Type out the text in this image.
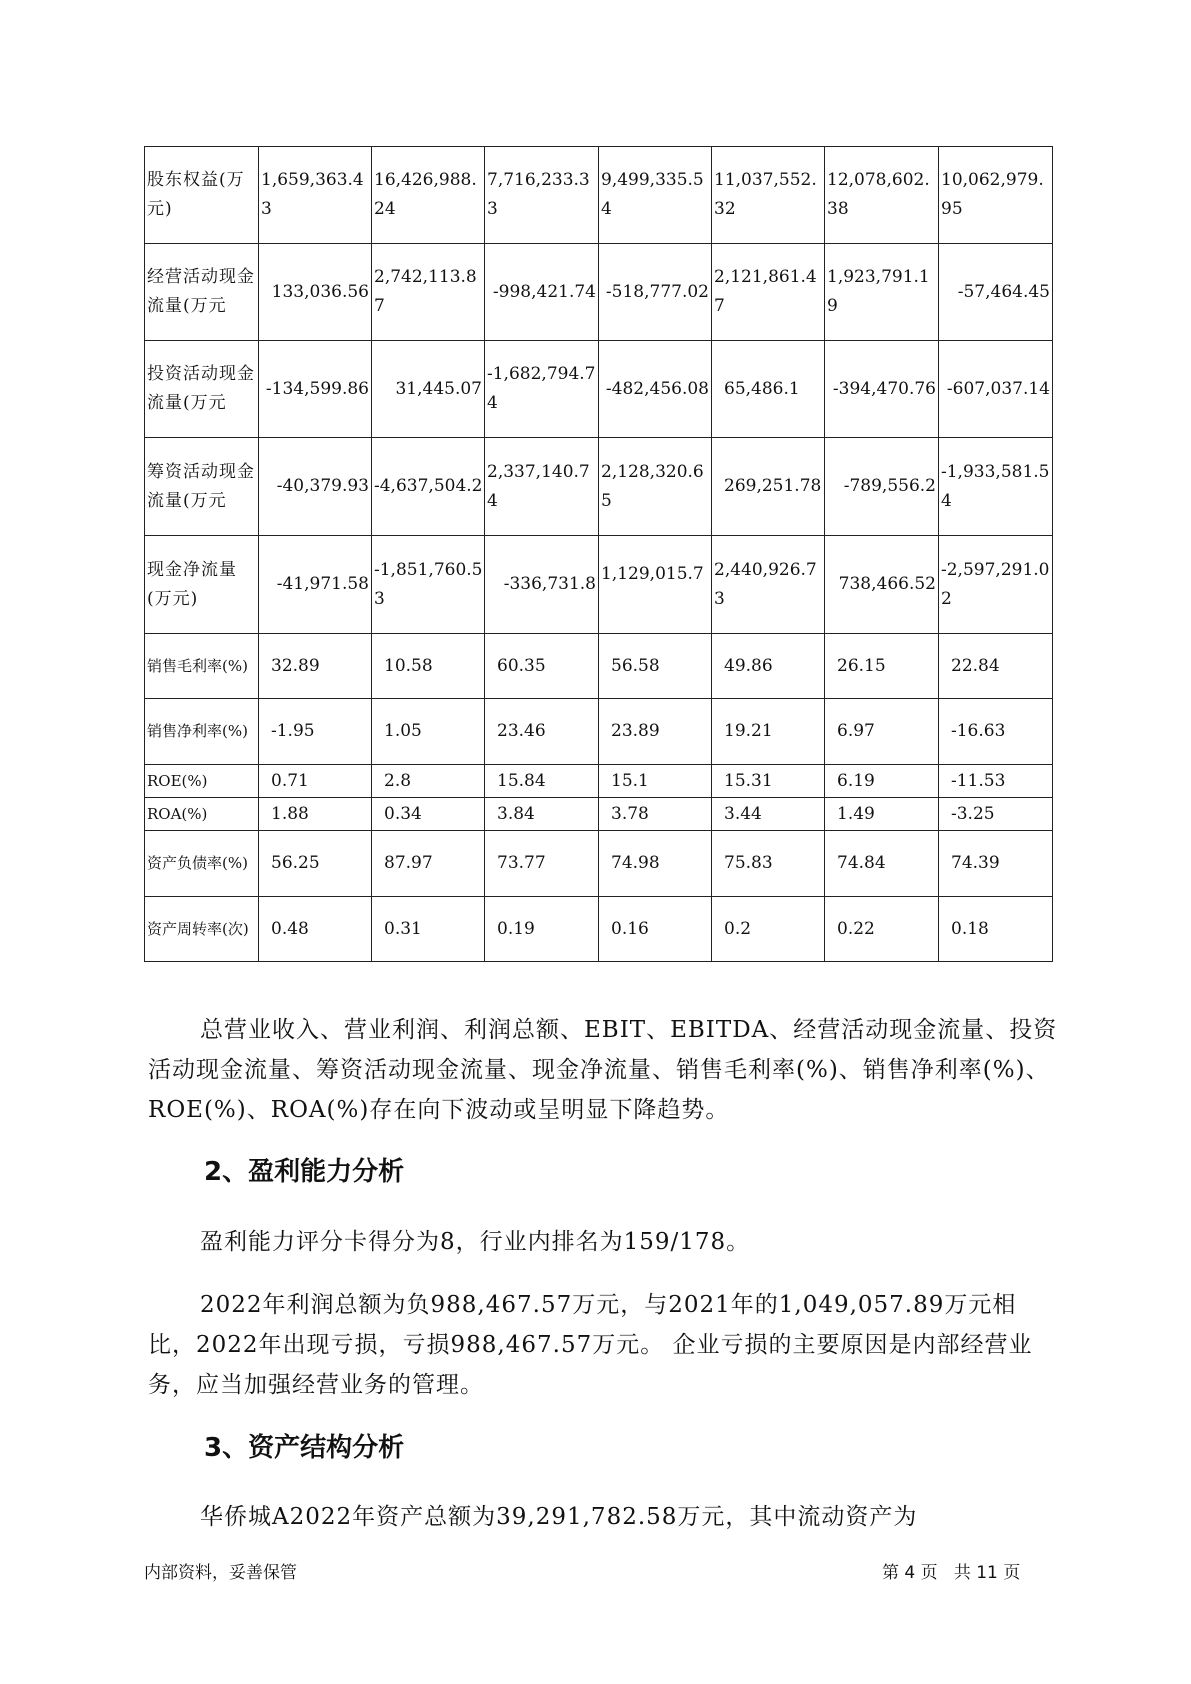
股东权益(万元)	1,659,363.43	16,426,988.24	7,716,233.33	9,499,335.54	11,037,552.32	12,078,602.38	10,062,979.95
经营活动现金流量(万元	133,036.56	2,742,113.87	-998,421.74	-518,777.02	2,121,861.47	1,923,791.19	-57,464.45
投资活动现金流量(万元	-134,599.86	31,445.07	-1,682,794.74	-482,456.08	65,486.1	-394,470.76	-607,037.14
筹资活动现金流量(万元	-40,379.93	-4,637,504.2	2,337,140.74	2,128,320.65	269,251.78	-789,556.2	-1,933,581.54
现金净流量(万元)	-41,971.58	-1,851,760.53	-336,731.8	1,129,015.7	2,440,926.73	738,466.52	-2,597,291.02
销售毛利率(%)	32.89	10.58	60.35	56.58	49.86	26.15	22.84
销售净利率(%)	-1.95	1.05	23.46	23.89	19.21	6.97	-16.63
ROE(%)	0.71	2.8	15.84	15.1	15.31	6.19	-11.53
ROA(%)	1.88	0.34	3.84	3.78	3.44	1.49	-3.25
资产负债率(%)	56.25	87.97	73.77	74.98	75.83	74.84	74.39
资产周转率(次)	0.48	0.31	0.19	0.16	0.2	0.22	0.18

总营业收入、营业利润、利润总额、EBIT、EBITDA、经营活动现金流量、投资活动现金流量、筹资活动现金流量、现金净流量、销售毛利率(%)、销售净利率(%)、ROE(%)、ROA(%)存在向下波动或呈明显下降趋势。

2、盈利能力分析

盈利能力评分卡得分为8，行业内排名为159/178。

2022年利润总额为负988,467.57万元，与2021年的1,049,057.89万元相比，2022年出现亏损，亏损988,467.57万元。 企业亏损的主要原因是内部经营业务，应当加强经营业务的管理。

3、资产结构分析

华侨城A2022年资产总额为39,291,782.58万元，其中流动资产为

内部资料，妥善保管	第 4 页   共 11 页
